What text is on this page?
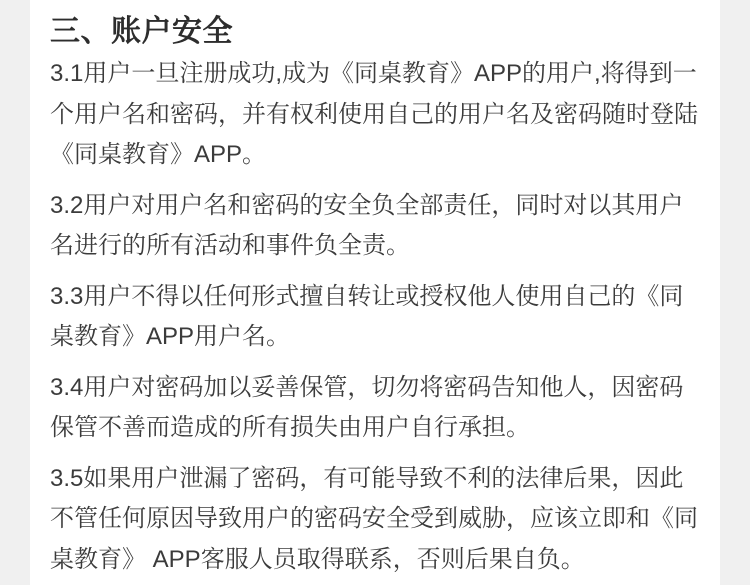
三、账户安全
3.1用户一旦注册成功,成为《同桌教育》APP的用户,将得到一
个用户名和密码，并有权利使用自己的用户名及密码随时登陆
《同桌教育》APP。
3.2用户对用户名和密码的安全负全部责任，同时对以其用户
名进行的所有活动和事件负全责。
3.3用户不得以任何形式擅自转让或授权他人使用自己的《同
桌教育》APP用户名。
3.4用户对密码加以妥善保管，切勿将密码告知他人，因密码
保管不善而造成的所有损失由用户自行承担。
3.5如果用户泄漏了密码，有可能导致不利的法律后果，因此
不管任何原因导致用户的密码安全受到威胁，应该立即和《同
桌教育》 APP客服人员取得联系，否则后果自负。
